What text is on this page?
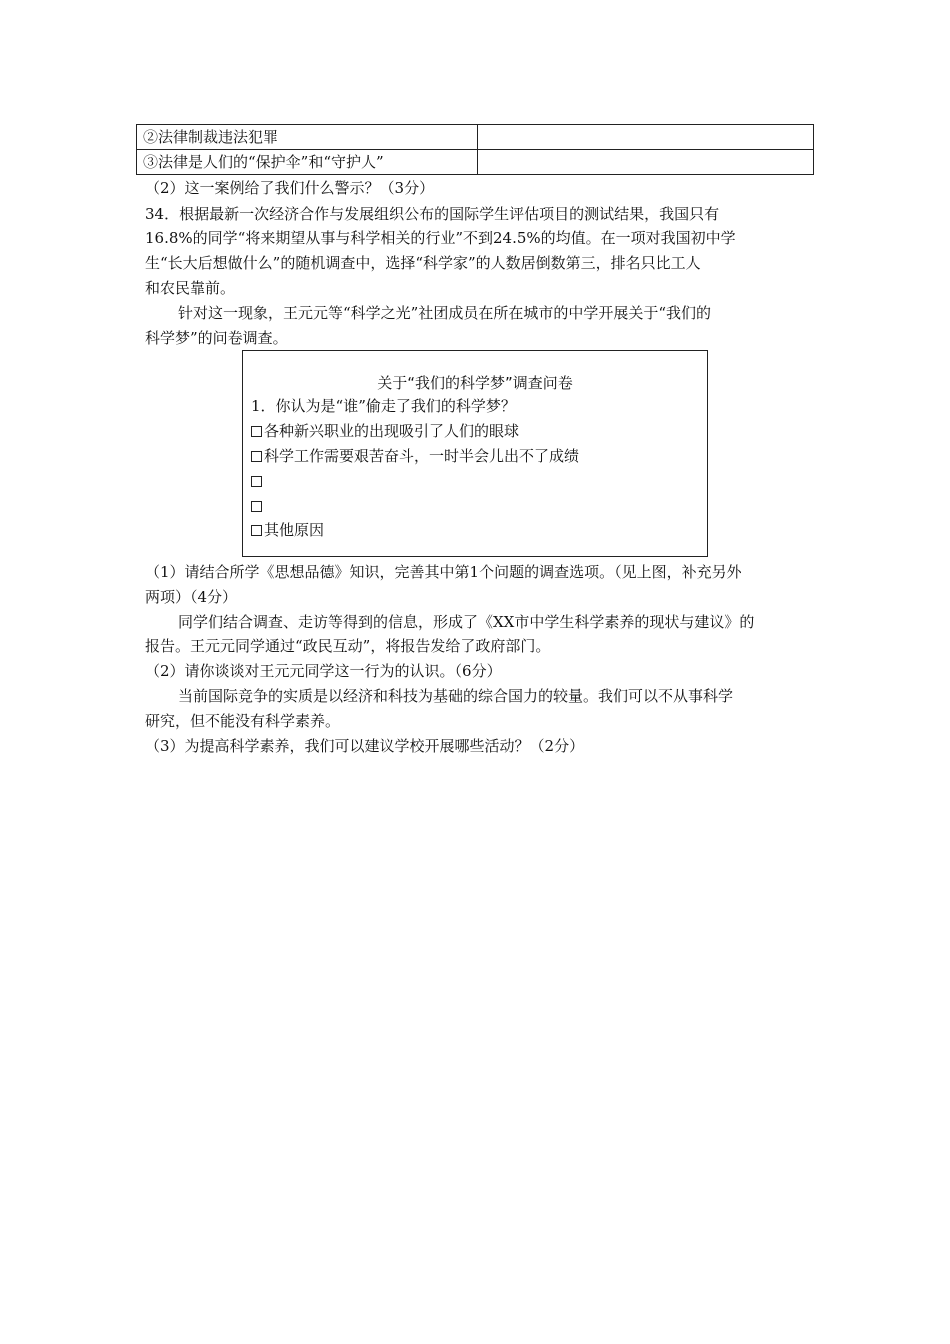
②法律制裁违法犯罪	
③法律是人们的“保护伞”和“守护人”	
（2）这一案例给了我们什么警示？（3分）
34．根据最新一次经济合作与发展组织公布的国际学生评估项目的测试结果，我国只有
16.8%的同学“将来期望从事与科学相关的行业”不到24.5%的均值。在一项对我国初中学
生“长大后想做什么”的随机调查中，选择“科学家”的人数居倒数第三，排名只比工人
和农民靠前。
针对这一现象，王元元等“科学之光”社团成员在所在城市的中学开展关于“我们的
科学梦”的问卷调查。
关于“我们的科学梦”调查问卷
1．你认为是“谁”偷走了我们的科学梦？
各种新兴职业的出现吸引了人们的眼球
科学工作需要艰苦奋斗，一时半会儿出不了成绩
其他原因
（1）请结合所学《思想品德》知识，完善其中第1个问题的调查选项。（见上图，补充另外
两项）（4分）
同学们结合调查、走访等得到的信息，形成了《XX市中学生科学素养的现状与建议》的
报告。王元元同学通过“政民互动”，将报告发给了政府部门。
（2）请你谈谈对王元元同学这一行为的认识。（6分）
当前国际竞争的实质是以经济和科技为基础的综合国力的较量。我们可以不从事科学
研究，但不能没有科学素养。
（3）为提高科学素养，我们可以建议学校开展哪些活动？（2分）
